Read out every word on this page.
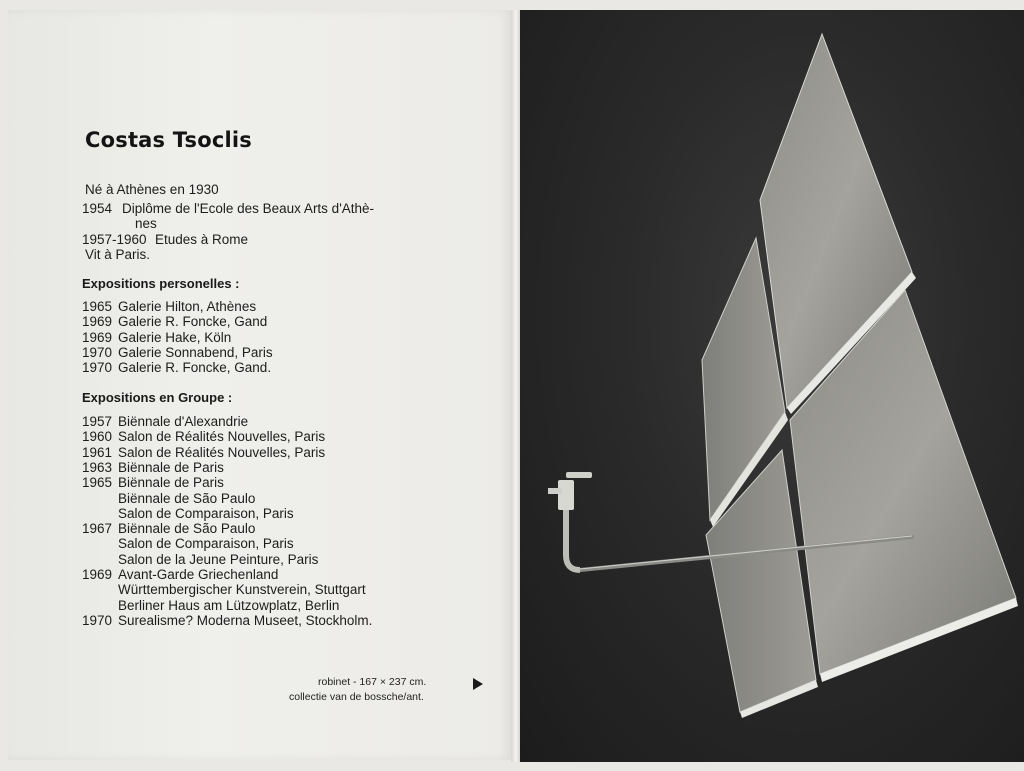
Costas Tsoclis
Né à Athènes en 1930
1954 Diplôme de l'Ecole des Beaux Arts d'Athè-
nes
1957-1960 Etudes à Rome
Vit à Paris.
Expositions personelles :
1965 Galerie Hilton, Athènes
1969 Galerie R. Foncke, Gand
1969 Galerie Hake, Köln
1970 Galerie Sonnabend, Paris
1970 Galerie R. Foncke, Gand.
Expositions en Groupe :
1957 Biënnale d'Alexandrie
1960 Salon de Réalités Nouvelles, Paris
1961 Salon de Réalités Nouvelles, Paris
1963 Biënnale de Paris
1965 Biënnale de Paris
Biënnale de São Paulo
Salon de Comparaison, Paris
1967 Biënnale de São Paulo
Salon de Comparaison, Paris
Salon de la Jeune Peinture, Paris
1969 Avant-Garde Griechenland
Württembergischer Kunstverein, Stuttgart
Berliner Haus am Lützowplatz, Berlin
1970 Surealisme? Moderna Museet, Stockholm.
robinet - 167 × 237 cm.
collectie van de bossche/ant.
